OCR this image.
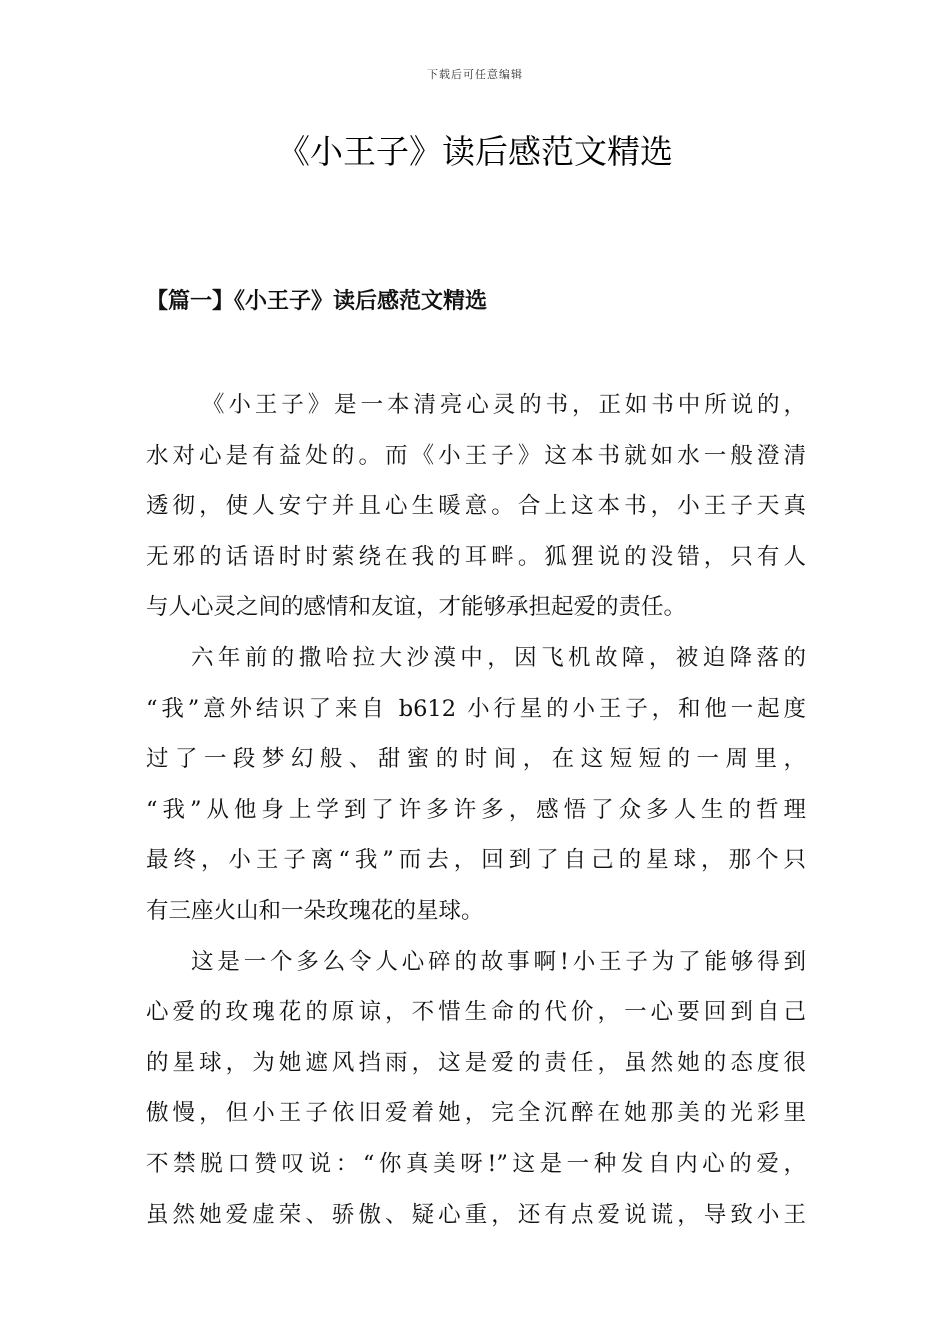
下载后可任意编辑
《小王子》读后感范文精选
【篇一】《小王子》读后感范文精选
《小王子》是一本清亮心灵的书，正如书中所说的，
水对心是有益处的。而《小王子》这本书就如水一般澄清
透彻，使人安宁并且心生暖意。合上这本书，小王子天真
无邪的话语时时萦绕在我的耳畔。狐狸说的没错，只有人
与人心灵之间的感情和友谊，才能够承担起爱的责任。
六年前的撒哈拉大沙漠中，因飞机故障，被迫降落的
“我”意外结识了来自 b612 小行星的小王子，和他一起度
过了一段梦幻般、甜蜜的时间，在这短短的一周里，
“我”从他身上学到了许多许多，感悟了众多人生的哲理
最终，小王子离“我”而去，回到了自己的星球，那个只
有三座火山和一朵玫瑰花的星球。
这是一个多么令人心碎的故事啊!小王子为了能够得到
心爱的玫瑰花的原谅，不惜生命的代价，一心要回到自己
的星球，为她遮风挡雨，这是爱的责任，虽然她的态度很
傲慢，但小王子依旧爱着她，完全沉醉在她那美的光彩里
不禁脱口赞叹说：“你真美呀!”这是一种发自内心的爱，
虽然她爱虚荣、骄傲、疑心重，还有点爱说谎，导致小王
